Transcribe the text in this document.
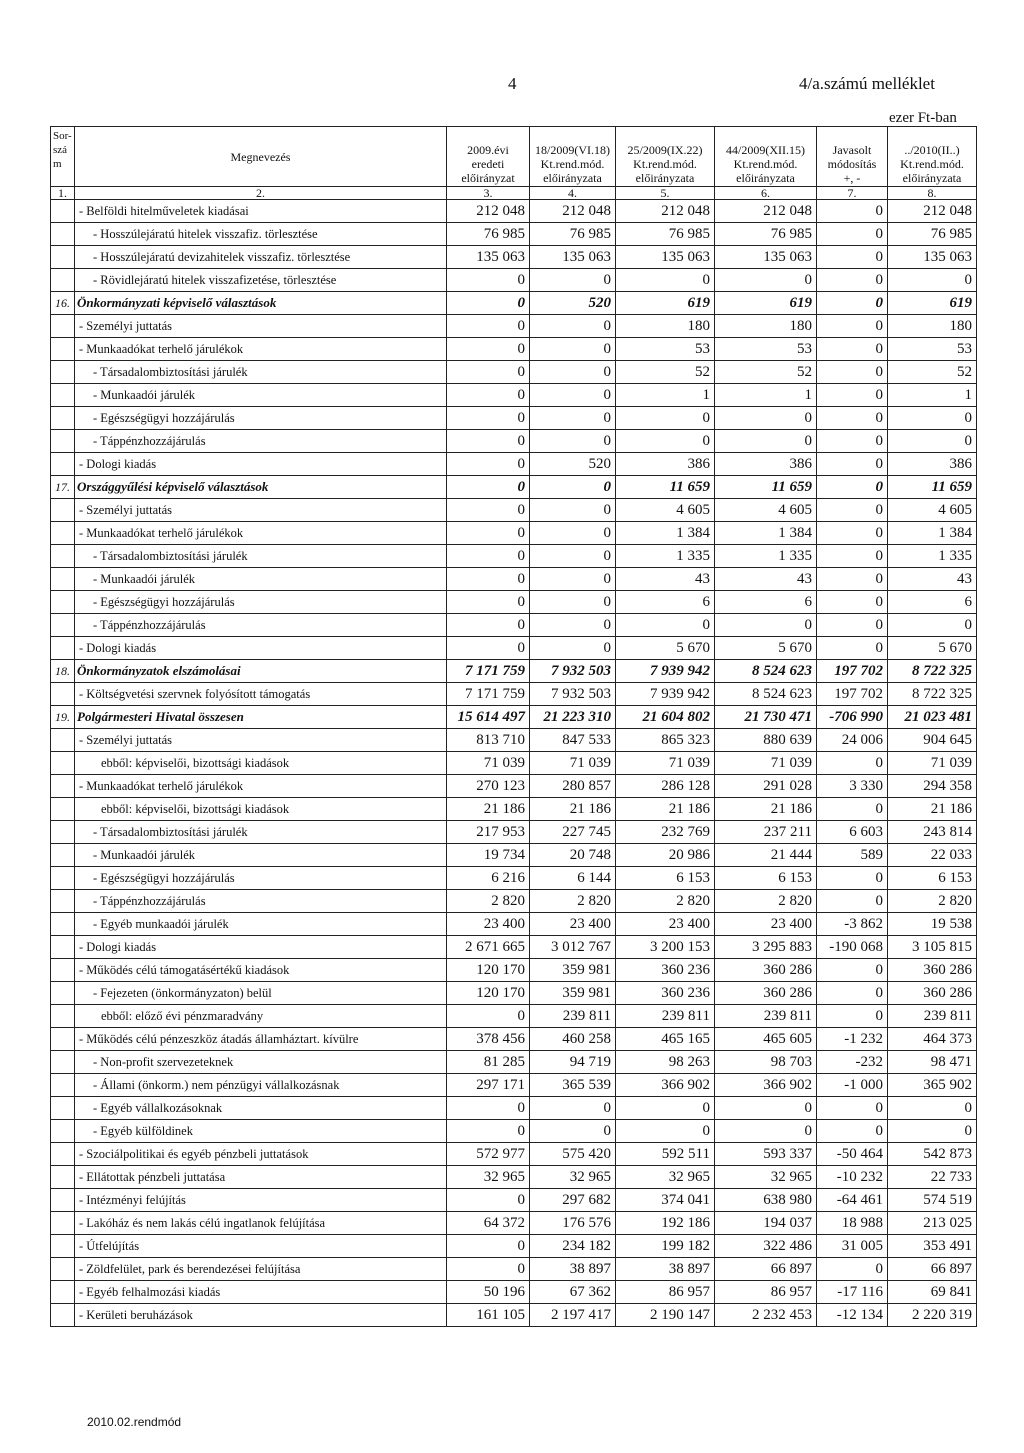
4	4/a.számú melléklet
ezer Ft-ban
Sor-
szá
m	Megnevezés	2009.évi
eredeti
előirányzat	18/2009(VI.18)
Kt.rend.mód.
előirányzata	25/2009(IX.22)
Kt.rend.mód.
előirányzata	44/2009(XII.15)
Kt.rend.mód.
előirányzata	Javasolt
módosítás
+, -	../2010(II..)
Kt.rend.mód.
előirányzata
1.	2.	3.	4.	5.	6.	7.	8.
	- Belföldi hitelműveletek kiadásai	212 048	212 048	212 048	212 048	0	212 048
	- Hosszúlejáratú hitelek visszafiz. törlesztése	76 985	76 985	76 985	76 985	0	76 985
	- Hosszúlejáratú devizahitelek visszafiz. törlesztése	135 063	135 063	135 063	135 063	0	135 063
	- Rövidlejáratú hitelek visszafizetése, törlesztése	0	0	0	0	0	0
16.	Önkormányzati képviselő választások	0	520	619	619	0	619
	- Személyi juttatás	0	0	180	180	0	180
	- Munkaadókat terhelő járulékok	0	0	53	53	0	53
	- Társadalombiztosítási járulék	0	0	52	52	0	52
	- Munkaadói járulék	0	0	1	1	0	1
	- Egészségügyi hozzájárulás	0	0	0	0	0	0
	- Táppénzhozzájárulás	0	0	0	0	0	0
	- Dologi kiadás	0	520	386	386	0	386
17.	Országgyűlési képviselő választások	0	0	11 659	11 659	0	11 659
	- Személyi juttatás	0	0	4 605	4 605	0	4 605
	- Munkaadókat terhelő járulékok	0	0	1 384	1 384	0	1 384
	- Társadalombiztosítási járulék	0	0	1 335	1 335	0	1 335
	- Munkaadói járulék	0	0	43	43	0	43
	- Egészségügyi hozzájárulás	0	0	6	6	0	6
	- Táppénzhozzájárulás	0	0	0	0	0	0
	- Dologi kiadás	0	0	5 670	5 670	0	5 670
18.	Önkormányzatok elszámolásai	7 171 759	7 932 503	7 939 942	8 524 623	197 702	8 722 325
	- Költségvetési szervnek folyósított támogatás	7 171 759	7 932 503	7 939 942	8 524 623	197 702	8 722 325
19.	Polgármesteri Hivatal összesen	15 614 497	21 223 310	21 604 802	21 730 471	-706 990	21 023 481
	- Személyi juttatás	813 710	847 533	865 323	880 639	24 006	904 645
	ebből: képviselői, bizottsági kiadások	71 039	71 039	71 039	71 039	0	71 039
	- Munkaadókat terhelő járulékok	270 123	280 857	286 128	291 028	3 330	294 358
	ebből: képviselői, bizottsági kiadások	21 186	21 186	21 186	21 186	0	21 186
	- Társadalombiztosítási járulék	217 953	227 745	232 769	237 211	6 603	243 814
	- Munkaadói járulék	19 734	20 748	20 986	21 444	589	22 033
	- Egészségügyi hozzájárulás	6 216	6 144	6 153	6 153	0	6 153
	- Táppénzhozzájárulás	2 820	2 820	2 820	2 820	0	2 820
	- Egyéb munkaadói járulék	23 400	23 400	23 400	23 400	-3 862	19 538
	- Dologi kiadás	2 671 665	3 012 767	3 200 153	3 295 883	-190 068	3 105 815
	- Működés célú támogatásértékű kiadások	120 170	359 981	360 236	360 286	0	360 286
	- Fejezeten (önkormányzaton) belül	120 170	359 981	360 236	360 286	0	360 286
	ebből: előző évi pénzmaradvány	0	239 811	239 811	239 811	0	239 811
	- Működés célú pénzeszköz átadás államháztart. kívülre	378 456	460 258	465 165	465 605	-1 232	464 373
	- Non-profit szervezeteknek	81 285	94 719	98 263	98 703	-232	98 471
	- Állami (önkorm.) nem pénzügyi vállalkozásnak	297 171	365 539	366 902	366 902	-1 000	365 902
	- Egyéb vállalkozásoknak	0	0	0	0	0	0
	- Egyéb külföldinek	0	0	0	0	0	0
	- Szociálpolitikai és egyéb pénzbeli juttatások	572 977	575 420	592 511	593 337	-50 464	542 873
	- Ellátottak pénzbeli juttatása	32 965	32 965	32 965	32 965	-10 232	22 733
	- Intézményi felújítás	0	297 682	374 041	638 980	-64 461	574 519
	- Lakóház és nem lakás célú ingatlanok felújítása	64 372	176 576	192 186	194 037	18 988	213 025
	- Útfelújítás	0	234 182	199 182	322 486	31 005	353 491
	- Zöldfelület, park és berendezései felújítása	0	38 897	38 897	66 897	0	66 897
	- Egyéb felhalmozási kiadás	50 196	67 362	86 957	86 957	-17 116	69 841
	- Kerületi beruházások	161 105	2 197 417	2 190 147	2 232 453	-12 134	2 220 319
2010.02.rendmód
